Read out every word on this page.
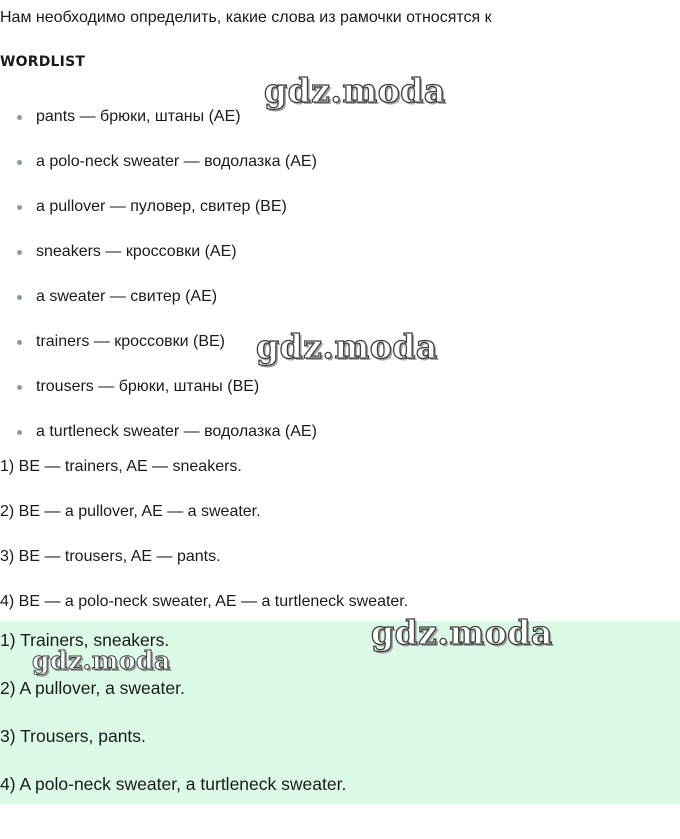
Нам необходимо определить, какие слова из рамочки относятся к

WORDLIST
pants — брюки, штаны (AE)
a polo-neck sweater — водолазка (AE)
a pullover — пуловер, свитер (BE)
sneakers — кроссовки (AE)
a sweater — свитер (AE)
trainers — кроссовки (BE)
trousers — брюки, штаны (BE)
a turtleneck sweater — водолазка (AE)
1) BE — trainers, AE — sneakers.
2) BE — a pullover, AE — a sweater.
3) BE — trousers, AE — pants.
4) BE — a polo-neck sweater, AE — a turtleneck sweater.
1) Trainers, sneakers.
2) A pullover, a sweater.
3) Trousers, pants.
4) A polo-neck sweater, a turtleneck sweater.
gdz.moda
gdz.moda
gdz.moda
gdz.moda
